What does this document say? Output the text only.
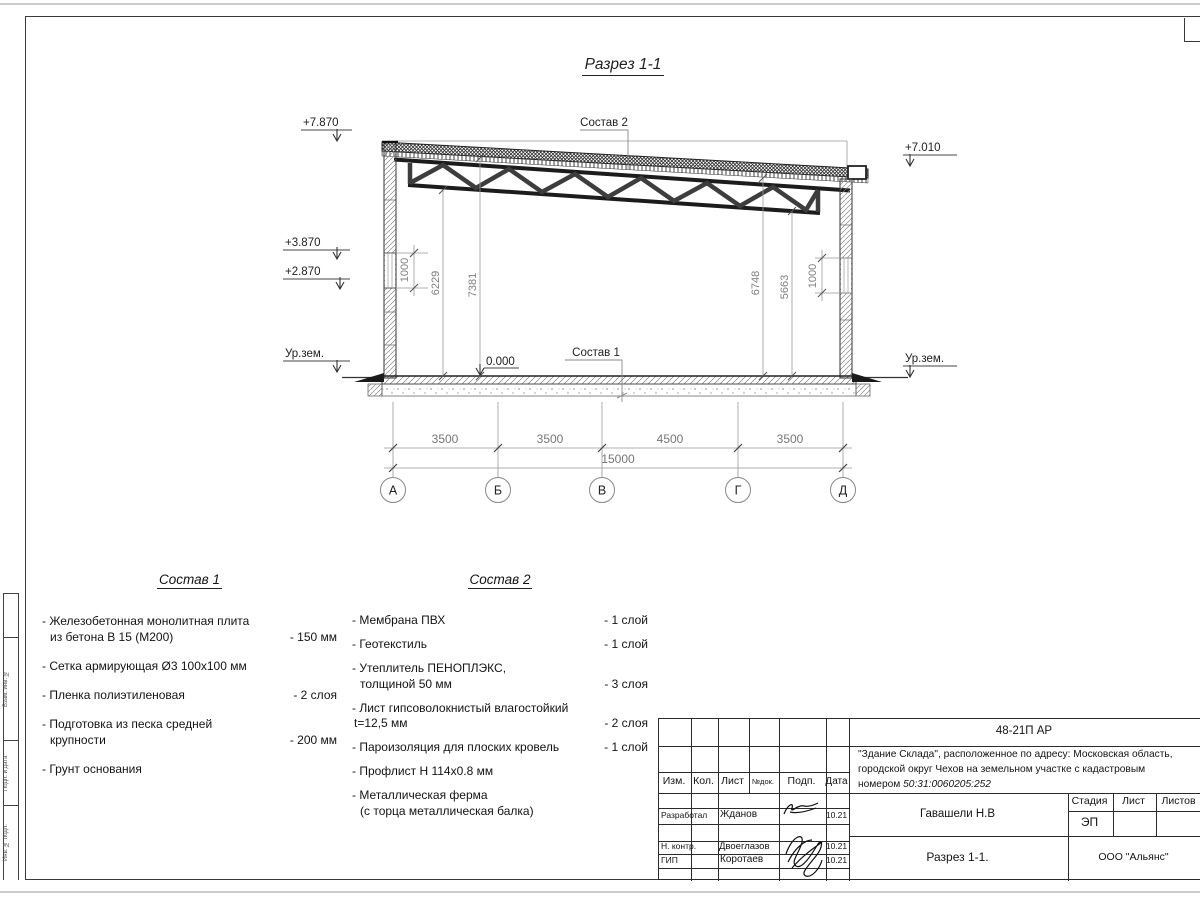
Взам. инв. №
Подп. и дата
Инв. № подл.
6229 7381	6748 5663
1000	1000
3500	3500	4500	3500
15000
А	Б	В	Г	Д
+7.870
+3.870
+2.870
Ур.зем.
0.000
+7.010
Ур.зем.
Состав 2
Состав 1
Разрез 1-1
Состав 1
- Железобетонная монолитная плита
из бетона В 15 (М200)	- 150 мм
- Сетка армирующая Ø3 100x100 мм
- Пленка полиэтиленовая	- 2 слоя
- Подготовка из песка средней
крупности	- 200 мм
- Грунт основания
Состав 2
- Мембрана ПВХ	- 1 слой
- Геотекстиль	- 1 слой
- Утеплитель ПЕНОПЛЭКС,
толщиной 50 мм	- 3 слоя
- Лист гипсоволокнистый влагостойкий
t=12,5 мм	- 2 слоя
- Пароизоляция для плоских кровель	- 1 слой
- Профлист Н 114x0.8 мм
- Металлическая ферма
(с торца металлическая балка)
Изм. Кол. Лист	№док.	Подп. Дата
Разработал	Жданов	10.21
Н. контр.	Двоеглазов	10.21
ГИП	Коротаев	10.21
48-21П АР
"Здание Склада", расположенное по адресу: Московская область,
городской округ Чехов на земельном участке с кадастровым
номером 50:31:0060205:252
Гавашели Н.В
Стадия	Лист	Листов
ЭП
Разрез 1-1.	ООО "Альянс"
